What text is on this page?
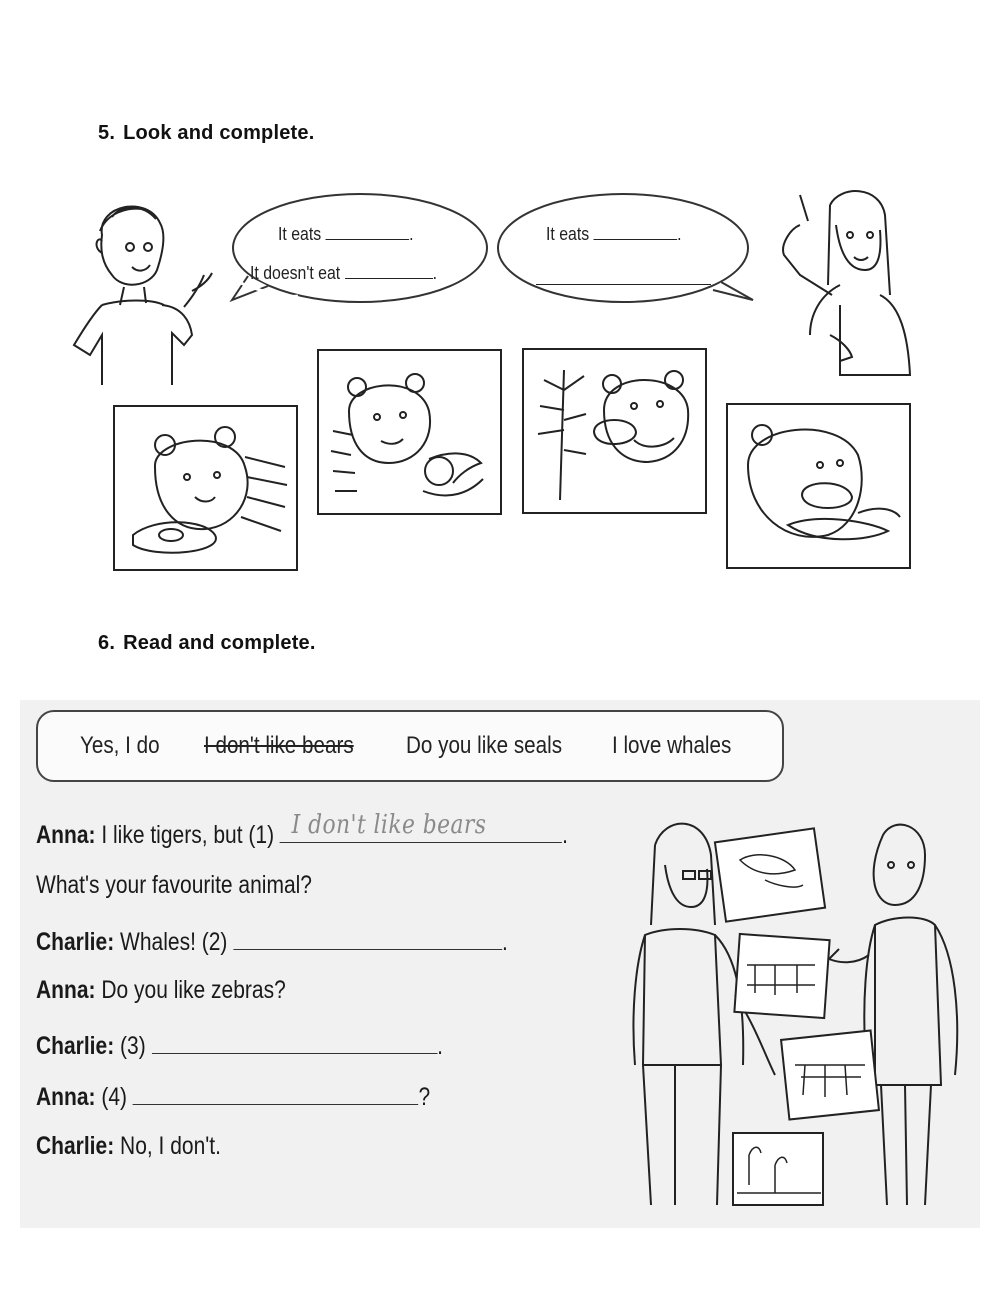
5. Look and complete.
It eats	.
It doesn't eat	.
It eats	.
6. Read and complete.
Yes, I do I don't like bears Do you like seals I love whales
Anna: I like tigers, but (1) I don't like bears	.
What's your favourite animal?
Charlie: Whales! (2)	.
Anna: Do you like zebras?
Charlie: (3)	.
Anna: (4)	?
Charlie: No, I don't.
